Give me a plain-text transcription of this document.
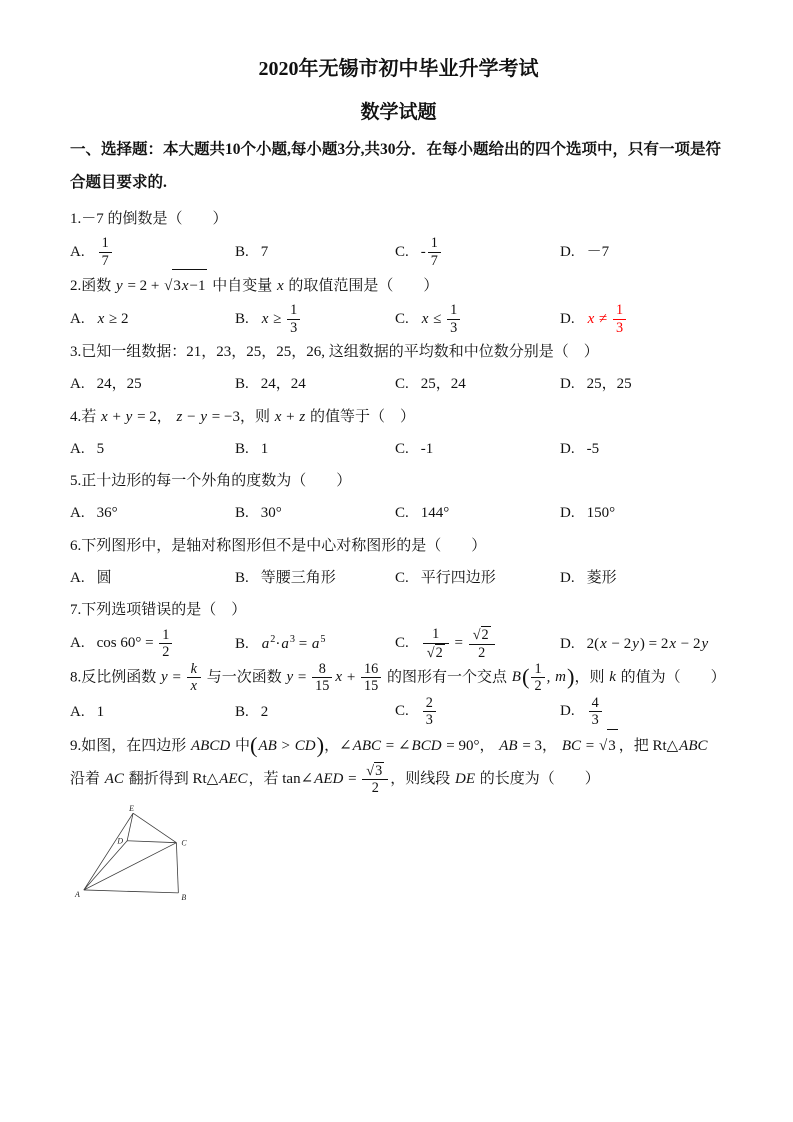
2020年无锡市初中毕业升学考试
数学试题
一、选择题：本大题共10个小题,每小题3分,共30分．在每小题给出的四个选项中，只有一项是符合题目要求的.
1.－7 的倒数是（　　）
A. $\frac{1}{7}$	B. 7	C. - $\frac{1}{7}$	D. －7
2.函数 y = 2 + √3x−1 中自变量 x 的取值范围是（　　）
A. x ≥ 2	B. $x \ge \frac{1}{3}$	C. $x \le \frac{1}{3}$	D. $x \ne \frac{1}{3}$
3.已知一组数据：21，23，25，25，26, 这组数据的平均数和中位数分别是（　）
A. 24，25	B. 24，24	C. 25，24	D. 25，25
4.若 x + y = 2， z − y = −3，则 x + z 的值等于（　）
A. 5	B. 1	C. -1	D. -5
5.正十边形的每一个外角的度数为（　　）
A. 36°	B. 30°	C. 144°	D. 150°
6.下列图形中，是轴对称图形但不是中心对称图形的是（　　）
A. 圆	B. 等腰三角形	C. 平行四边形	D. 菱形
7.下列选项错误的是（　）
A. $\cos 60^\circ = \frac{1}{2}$	B. $a^2\cdot a^3 = a^5$	C. $\frac{1}{√2} = \frac{√2}{2}$	D. 2(x − 2y) = 2x − 2y
8.反比例函数 $y = \frac{k}{x}$ 与一次函数 $y = \frac{8}{15}$ $x + \frac{16}{15}$ 的图形有一个交点 $B( \frac{1}{2}$ , m)，则 k 的值为（　　）
A. 1	B. 2	C. $\frac{2}{3}$	D. $\frac{4}{3}$
9.如图，在四边形 ABCD 中(AB > CD)，∠ABC = ∠BCD = 90°， AB = 3， BC = √3 ，把 Rt△ABC 沿着 AC 翻折得到 Rt△AEC，若 tan∠AED = $\frac{√3}{2}$ ，则线段 DE 的长度为（　　）
A	B
C
D
E
